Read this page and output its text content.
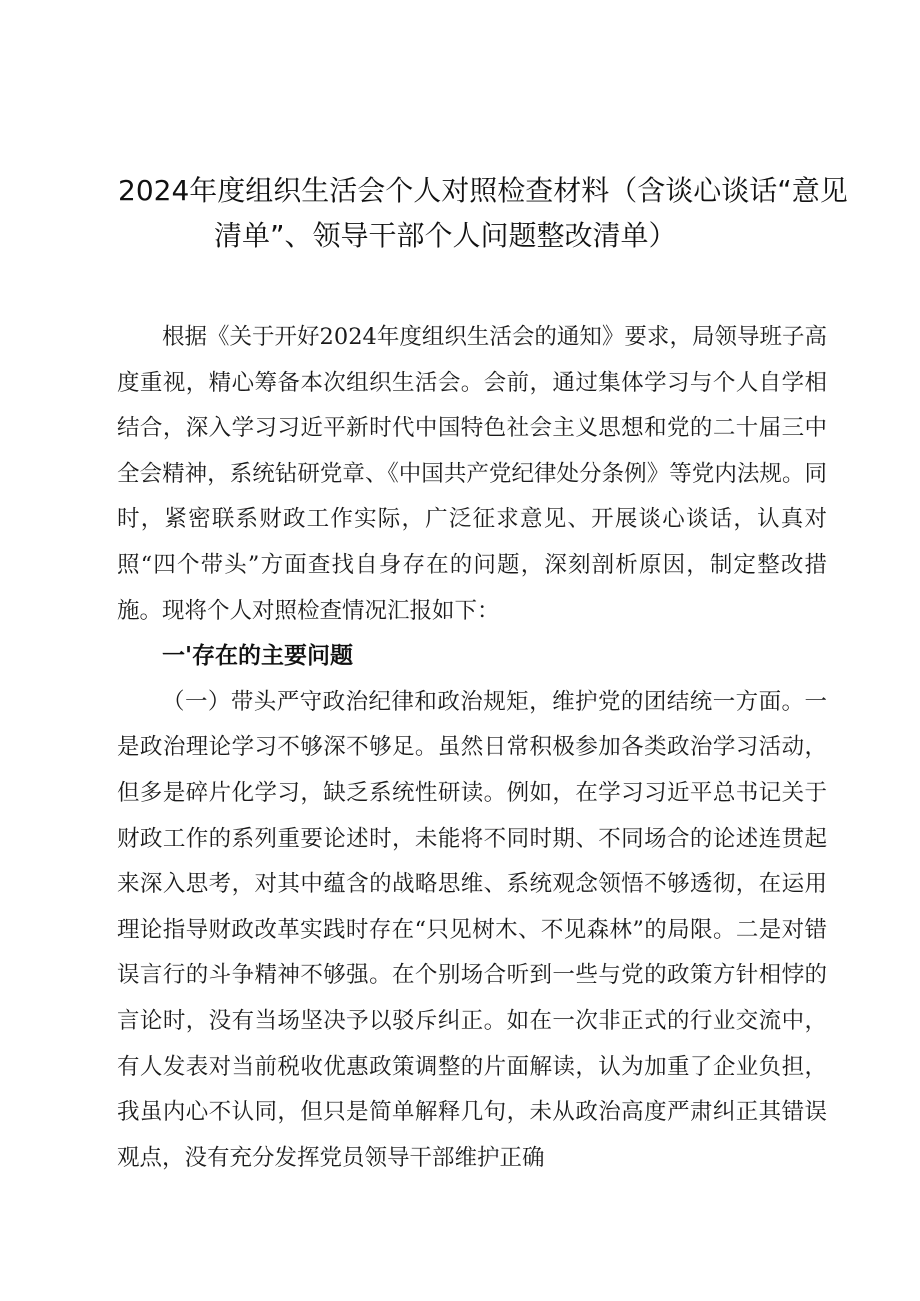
2024年度组织生活会个人对照检查材料（含谈心谈话“意见
清单”、领导干部个人问题整改清单）

根据《关于开好2024年度组织生活会的通知》要求，局领导班子高度重视，精心筹备本次组织生活会。会前，通过集体学习与个人自学相结合，深入学习习近平新时代中国特色社会主义思想和党的二十届三中全会精神，系统钻研党章、《中国共产党纪律处分条例》等党内法规。同时，紧密联系财政工作实际，广泛征求意见、开展谈心谈话，认真对照“四个带头”方面查找自身存在的问题，深刻剖析原因，制定整改措施。现将个人对照检查情况汇报如下：

一'存在的主要问题

（一）带头严守政治纪律和政治规矩，维护党的团结统一方面。一是政治理论学习不够深不够足。虽然日常积极参加各类政治学习活动，但多是碎片化学习，缺乏系统性研读。例如，在学习习近平总书记关于财政工作的系列重要论述时，未能将不同时期、不同场合的论述连贯起来深入思考，对其中蕴含的战略思维、系统观念领悟不够透彻，在运用理论指导财政改革实践时存在“只见树木、不见森林”的局限。二是对错误言行的斗争精神不够强。在个别场合听到一些与党的政策方针相悖的言论时，没有当场坚决予以驳斥纠正。如在一次非正式的行业交流中，有人发表对当前税收优惠政策调整的片面解读，认为加重了企业负担，我虽内心不认同，但只是简单解释几句，未从政治高度严肃纠正其错误观点，没有充分发挥党员领导干部维护正确
